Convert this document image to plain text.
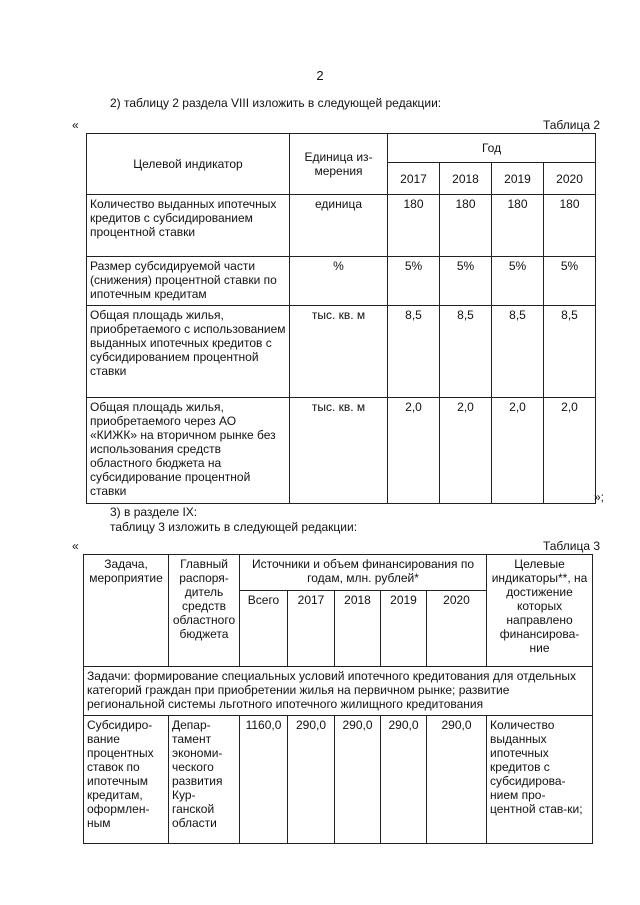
2
2) таблицу 2 раздела VIII изложить в следующей редакции:
«	Таблица 2
Целевой индикатор	Единица из-мерения	Год			
		2017	2018	2019	2020
Количество выданных ипотечных кредитов с субсидированием процентной ставки	единица	180	180	180	180
Размер субсидируемой части (снижения) процентной ставки по ипотечным кредитам	%	5%	5%	5%	5%
Общая площадь жилья, приобретаемого с использованием выданных ипотечных кредитов с субсидированием процентной ставки	тыс. кв. м	8,5	8,5	8,5	8,5
Общая площадь жилья, приобретаемого через АО «КИЖК» на вторичном рынке без использования средств областного бюджета на субсидирование процентной ставки	тыс. кв. м	2,0	2,0	2,0	2,0
»;
3) в разделе IX:
таблицу 3 изложить в следующей редакции:
«	Таблица 3
Задача, мероприятие	Главный распоря-дитель средств областного бюджета	Источники и объем финансирования по годам, млн. рублей*					Целевые индикаторы**, на достижение которых направлено финансирова-ние
		Всего	2017	2018	2019	2020	
Задачи: формирование специальных условий ипотечного кредитования для отдельных категорий граждан при приобретении жилья на первичном рынке; развитие региональной системы льготного ипотечного жилищного кредитования							
Субсидиро-вание процентных ставок по ипотечным кредитам, оформлен-ным	Депар-тамент экономи-ческого развития Кур-ганской области	1160,0	290,0	290,0	290,0	290,0	Количество выданных ипотечных кредитов с субсидирова-нием про-центной став-ки;
